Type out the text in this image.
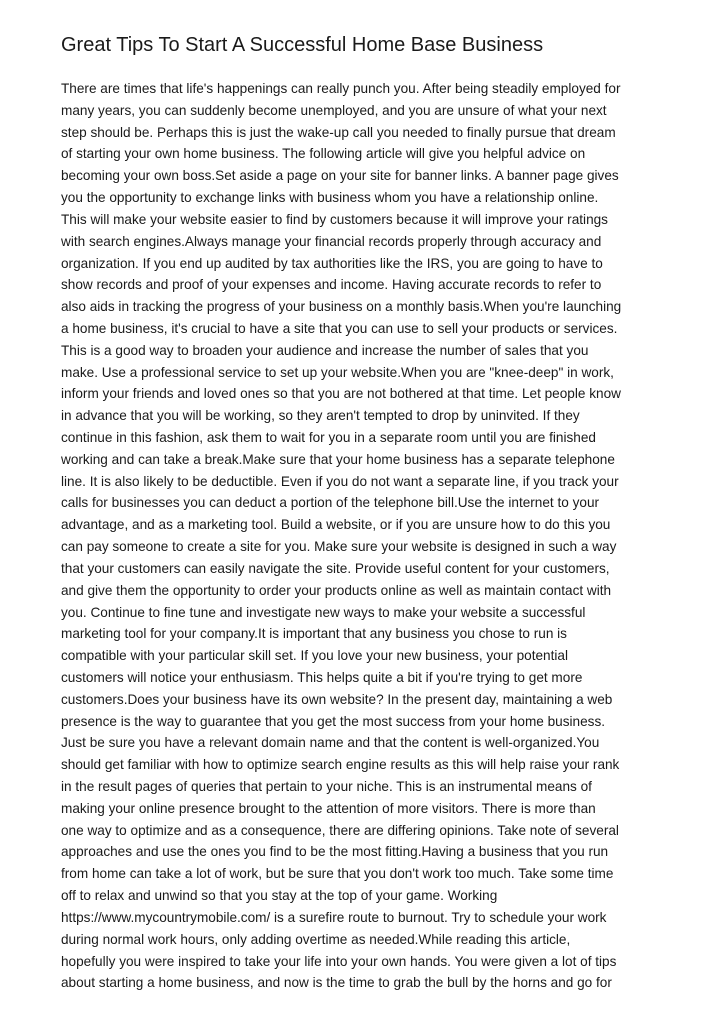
Great Tips To Start A Successful Home Base Business
There are times that life's happenings can really punch you. After being steadily employed for
many years, you can suddenly become unemployed, and you are unsure of what your next
step should be. Perhaps this is just the wake-up call you needed to finally pursue that dream
of starting your own home business. The following article will give you helpful advice on
becoming your own boss.Set aside a page on your site for banner links. A banner page gives
you the opportunity to exchange links with business whom you have a relationship online.
This will make your website easier to find by customers because it will improve your ratings
with search engines.Always manage your financial records properly through accuracy and
organization. If you end up audited by tax authorities like the IRS, you are going to have to
show records and proof of your expenses and income. Having accurate records to refer to
also aids in tracking the progress of your business on a monthly basis.When you're launching
a home business, it's crucial to have a site that you can use to sell your products or services.
This is a good way to broaden your audience and increase the number of sales that you
make. Use a professional service to set up your website.When you are "knee-deep" in work,
inform your friends and loved ones so that you are not bothered at that time. Let people know
in advance that you will be working, so they aren't tempted to drop by uninvited. If they
continue in this fashion, ask them to wait for you in a separate room until you are finished
working and can take a break.Make sure that your home business has a separate telephone
line. It is also likely to be deductible. Even if you do not want a separate line, if you track your
calls for businesses you can deduct a portion of the telephone bill.Use the internet to your
advantage, and as a marketing tool. Build a website, or if you are unsure how to do this you
can pay someone to create a site for you. Make sure your website is designed in such a way
that your customers can easily navigate the site. Provide useful content for your customers,
and give them the opportunity to order your products online as well as maintain contact with
you. Continue to fine tune and investigate new ways to make your website a successful
marketing tool for your company.It is important that any business you chose to run is
compatible with your particular skill set. If you love your new business, your potential
customers will notice your enthusiasm. This helps quite a bit if you're trying to get more
customers.Does your business have its own website? In the present day, maintaining a web
presence is the way to guarantee that you get the most success from your home business.
Just be sure you have a relevant domain name and that the content is well-organized.You
should get familiar with how to optimize search engine results as this will help raise your rank
in the result pages of queries that pertain to your niche. This is an instrumental means of
making your online presence brought to the attention of more visitors. There is more than
one way to optimize and as a consequence, there are differing opinions. Take note of several
approaches and use the ones you find to be the most fitting.Having a business that you run
from home can take a lot of work, but be sure that you don't work too much. Take some time
off to relax and unwind so that you stay at the top of your game. Working
https://www.mycountrymobile.com/ is a surefire route to burnout. Try to schedule your work
during normal work hours, only adding overtime as needed.While reading this article,
hopefully you were inspired to take your life into your own hands. You were given a lot of tips
about starting a home business, and now is the time to grab the bull by the horns and go for
